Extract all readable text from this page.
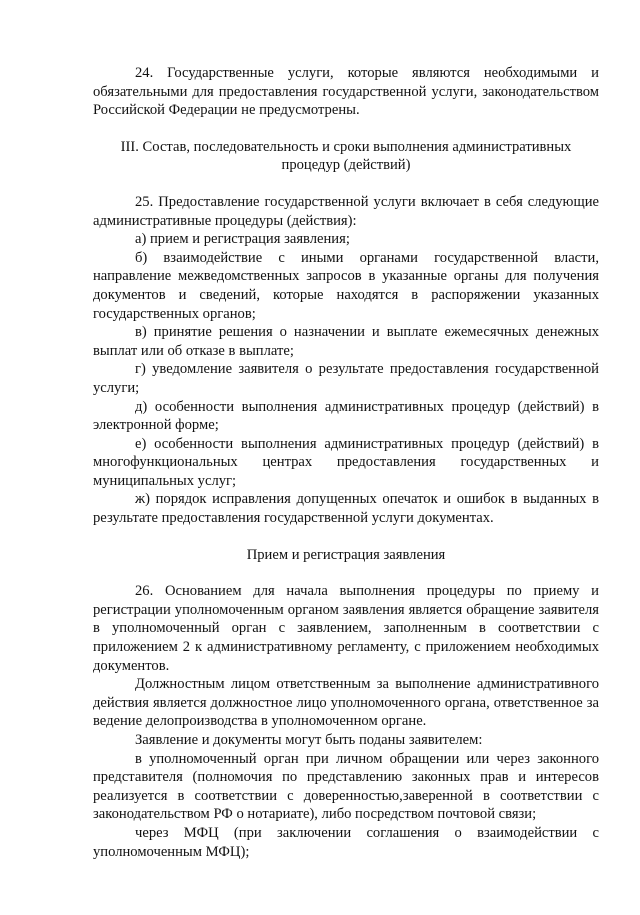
24. Государственные услуги, которые являются необходимыми и обязательными для предоставления государственной услуги, законодательством Российской Федерации не предусмотрены.

III. Состав, последовательность и сроки выполнения административных
процедур (действий)

25. Предоставление государственной услуги включает в себя следующие административные процедуры (действия):

а) прием и регистрация заявления;

б) взаимодействие с иными органами государственной власти, направление межведомственных запросов в указанные органы для получения документов и сведений, которые находятся в распоряжении указанных государственных органов;

в) принятие решения о назначении и выплате ежемесячных денежных выплат или об отказе в выплате;

г) уведомление заявителя о результате предоставления государственной услуги;

д) особенности выполнения административных процедур (действий) в электронной форме;

е) особенности выполнения административных процедур (действий) в многофункциональных центрах предоставления государственных и муниципальных услуг;

ж) порядок исправления допущенных опечаток и ошибок в выданных в результате предоставления государственной услуги документах.

Прием и регистрация заявления

26. Основанием для начала выполнения процедуры по приему и регистрации уполномоченным органом заявления является обращение заявителя в уполномоченный орган с заявлением, заполненным в соответствии с приложением 2 к административному регламенту, с приложением необходимых документов.

Должностным лицом ответственным за выполнение административного действия является должностное лицо уполномоченного органа, ответственное за ведение делопроизводства в уполномоченном органе.

Заявление и документы могут быть поданы заявителем:

в уполномоченный орган при личном обращении или через законного представителя (полномочия по представлению законных прав и интересов реализуется в соответствии с доверенностью,заверенной в соответствии с законодательством РФ о нотариате), либо посредством почтовой связи;

через МФЦ (при заключении соглашения о взаимодействии с уполномоченным МФЦ);
